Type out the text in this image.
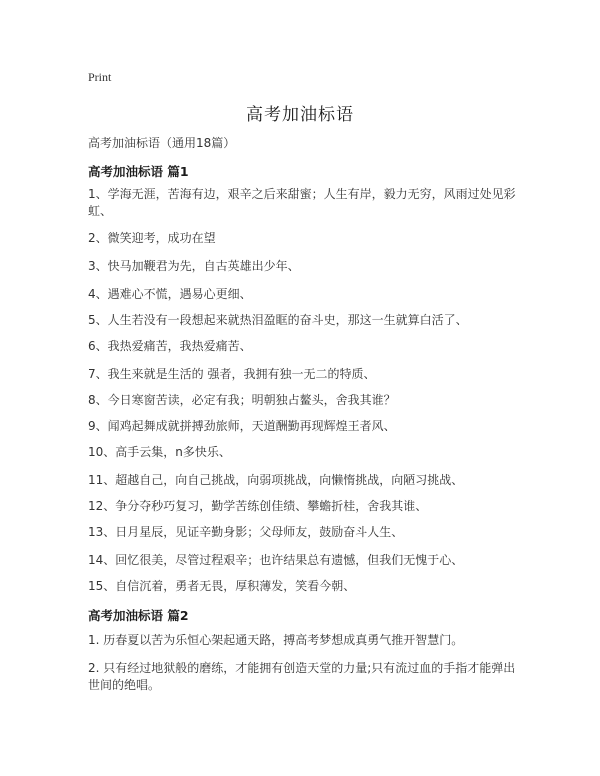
Print
高考加油标语
高考加油标语（通用18篇）
高考加油标语 篇1
1、学海无涯，苦海有边，艰辛之后来甜蜜；人生有岸，毅力无穷，风雨过处见彩虹、
2、微笑迎考，成功在望
3、快马加鞭君为先，自古英雄出少年、
4、遇难心不慌，遇易心更细、
5、人生若没有一段想起来就热泪盈眶的奋斗史，那这一生就算白活了、
6、我热爱痛苦，我热爱痛苦、
7、我生来就是生活的 强者，我拥有独一无二的特质、
8、今日寒窗苦读，必定有我；明朝独占鳌头，舍我其谁？
9、闻鸡起舞成就拼搏劲旅师，天道酬勤再现辉煌王者风、
10、高手云集，n多快乐、
11、超越自己，向自己挑战，向弱项挑战，向懒惰挑战，向陋习挑战、
12、争分夺秒巧复习，勤学苦练创佳绩、攀蟾折桂，舍我其谁、
13、日月星辰，见证辛勤身影；父母师友，鼓励奋斗人生、
14、回忆很美，尽管过程艰辛；也许结果总有遗憾，但我们无愧于心、
15、自信沉着，勇者无畏，厚积薄发，笑看今朝、
高考加油标语 篇2
1. 历春夏以苦为乐恒心架起通天路，搏高考梦想成真勇气推开智慧门。
2. 只有经过地狱般的磨练，才能拥有创造天堂的力量;只有流过血的手指才能弹出世间的绝唱。
